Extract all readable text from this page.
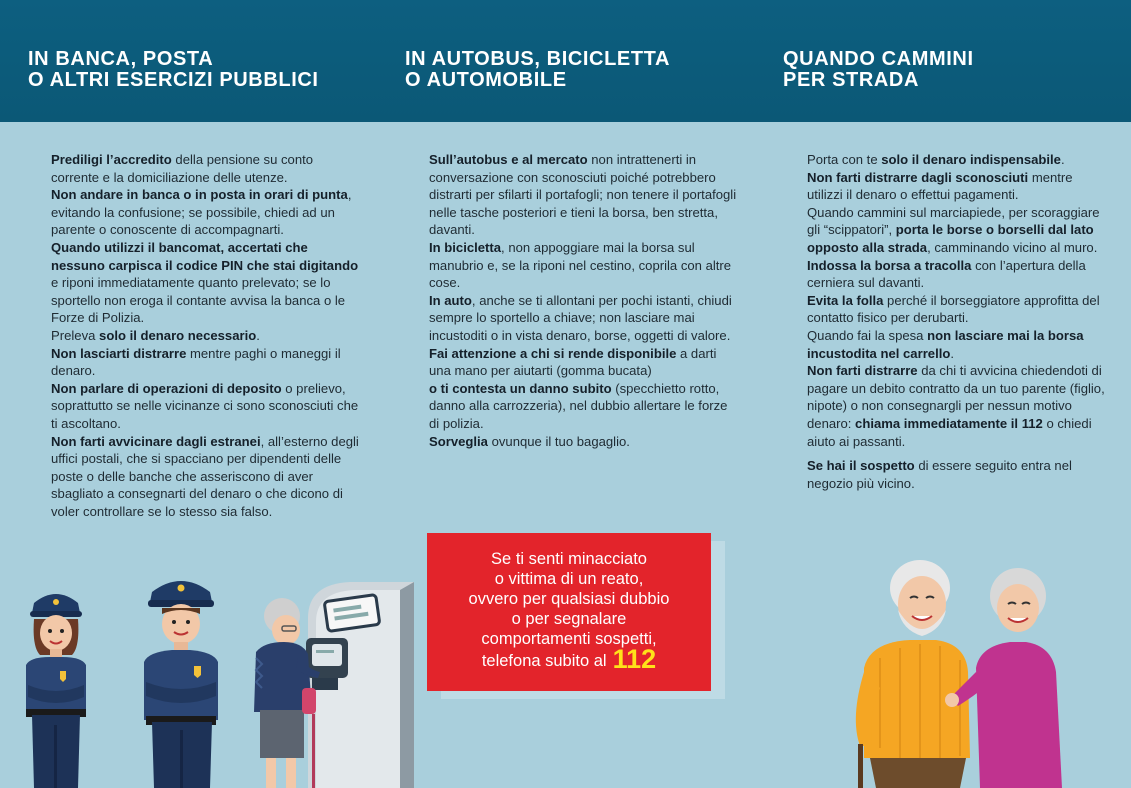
IN BANCA, POSTA
O ALTRI ESERCIZI PUBBLICI
IN AUTOBUS, BICICLETTA
O AUTOMOBILE
QUANDO CAMMINI
PER STRADA

Prediligi l’accredito della pensione su conto corrente e la domiciliazione delle utenze.

Non andare in banca o in posta in orari di punta, evitando la confusione; se possibile, chiedi ad un parente o conoscente di accompagnarti.

Quando utilizzi il bancomat, accertati che nessuno carpisca il codice PIN che stai digitando e riponi immediatamente quanto prelevato; se lo sportello non eroga il contante avvisa la banca o le Forze di Polizia.

Preleva solo il denaro necessario.

Non lasciarti distrarre mentre paghi o maneggi il denaro.

Non parlare di operazioni di deposito o prelievo, soprattutto se nelle vicinanze ci sono sconosciuti che ti ascoltano.

Non farti avvicinare dagli estranei, all’esterno degli uffici postali, che si spacciano per dipendenti delle poste o delle banche che asseriscono di aver sbagliato a consegnarti del denaro o che dicono di voler controllare se lo stesso sia falso.

Sull’autobus e al mercato non intrattenerti in conversazione con sconosciuti poiché potrebbero distrarti per sfilarti il portafogli; non tenere il portafogli nelle tasche posteriori e tieni la borsa, ben stretta, davanti.

In bicicletta, non appoggiare mai la borsa sul manubrio e, se la riponi nel cestino, coprila con altre cose.

In auto, anche se ti allontani per pochi istanti, chiudi sempre lo sportello a chiave; non lasciare mai incustoditi o in vista denaro, borse, oggetti di valore.

Fai attenzione a chi si rende disponibile a darti una mano per aiutarti (gomma bucata)

o ti contesta un danno subito (specchietto rotto, danno alla carrozzeria), nel dubbio allertare le forze di polizia.

Sorveglia ovunque il tuo bagaglio.

Porta con te solo il denaro indispensabile.

Non farti distrarre dagli sconosciuti mentre utilizzi il denaro o effettui pagamenti.

Quando cammini sul marciapiede, per scoraggiare gli “scippatori”, porta le borse o borselli dal lato opposto alla strada, camminando vicino al muro.

Indossa la borsa a tracolla con l’apertura della cerniera sul davanti.

Evita la folla perché il borseggiatore approfitta del contatto fisico per derubarti.

Quando fai la spesa non lasciare mai la borsa incustodita nel carrello.

Non farti distrarre da chi ti avvicina chiedendoti di pagare un debito contratto da un tuo parente (figlio, nipote) o non consegnargli per nessun motivo denaro: chiama immediatamente il 112 o chiedi aiuto ai passanti.

Se hai il sospetto di essere seguito entra nel negozio più vicino.

Se ti senti minacciato
o vittima di un reato,
ovvero per qualsiasi dubbio
o per segnalare
comportamenti sospetti,
telefona subito al 112
